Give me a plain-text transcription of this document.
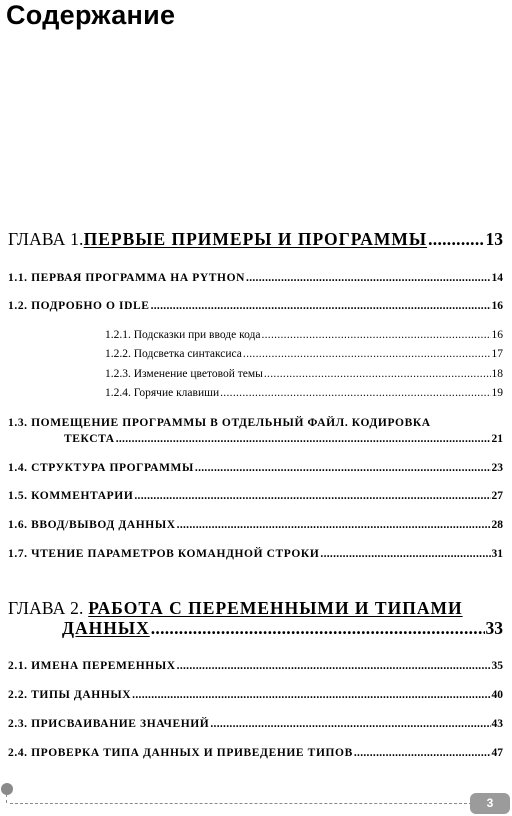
Содержание
ГЛАВА 1. ПЕРВЫЕ ПРИМЕРЫ И ПРОГРАММЫ .....	13
1.1. ПЕРВАЯ ПРОГРАММА НА PYTHON .....	14
1.2. ПОДРОБНО О IDLE .....	16
1.2.1. Подсказки при вводе кода .....	16
1.2.2. Подсветка синтаксиса .....	17
1.2.3. Изменение цветовой темы .....	18
1.2.4. Горячие клавиши .....	19
1.3. ПОМЕЩЕНИЕ ПРОГРАММЫ В ОТДЕЛЬНЫЙ ФАЙЛ. КОДИРОВКА
ТЕКСТА .....	21
1.4. СТРУКТУРА ПРОГРАММЫ .....	23
1.5. КОММЕНТАРИИ .....	27
1.6. ВВОД/ВЫВОД ДАННЫХ .....	28
1.7. ЧТЕНИЕ ПАРАМЕТРОВ КОМАНДНОЙ СТРОКИ .....	31
ГЛАВА 2. РАБОТА С ПЕРЕМЕННЫМИ И ТИПАМИ
ДАННЫХ .....	33
2.1. ИМЕНА ПЕРЕМЕННЫХ .....	35
2.2. ТИПЫ ДАННЫХ .....	40
2.3. ПРИСВАИВАНИЕ ЗНАЧЕНИЙ .....	43
2.4. ПРОВЕРКА ТИПА ДАННЫХ И ПРИВЕДЕНИЕ ТИПОВ .....	47
3
